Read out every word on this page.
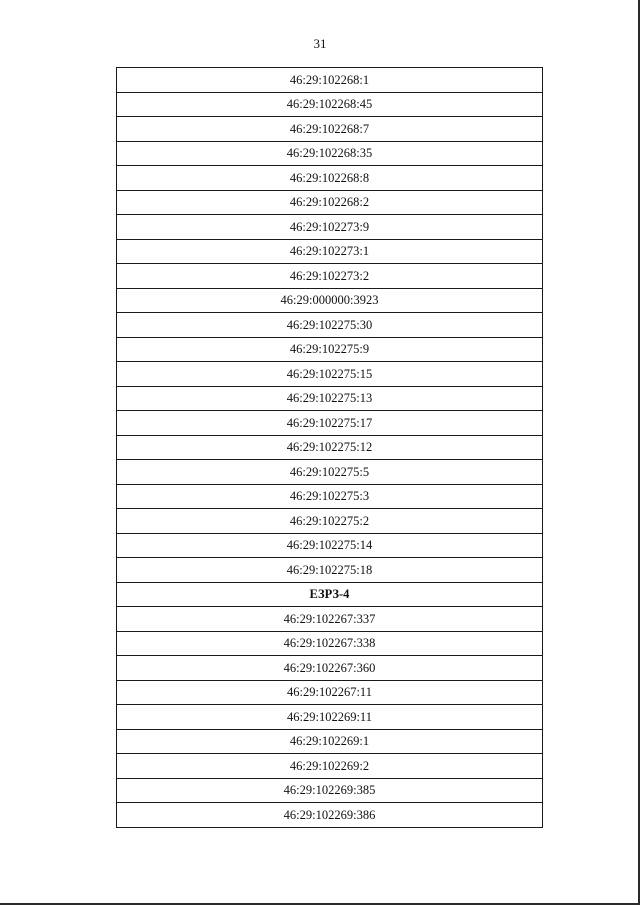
31
46:29:102268:1
46:29:102268:45
46:29:102268:7
46:29:102268:35
46:29:102268:8
46:29:102268:2
46:29:102273:9
46:29:102273:1
46:29:102273:2
46:29:000000:3923
46:29:102275:30
46:29:102275:9
46:29:102275:15
46:29:102275:13
46:29:102275:17
46:29:102275:12
46:29:102275:5
46:29:102275:3
46:29:102275:2
46:29:102275:14
46:29:102275:18
ЕЗРЗ-4
46:29:102267:337
46:29:102267:338
46:29:102267:360
46:29:102267:11
46:29:102269:11
46:29:102269:1
46:29:102269:2
46:29:102269:385
46:29:102269:386
